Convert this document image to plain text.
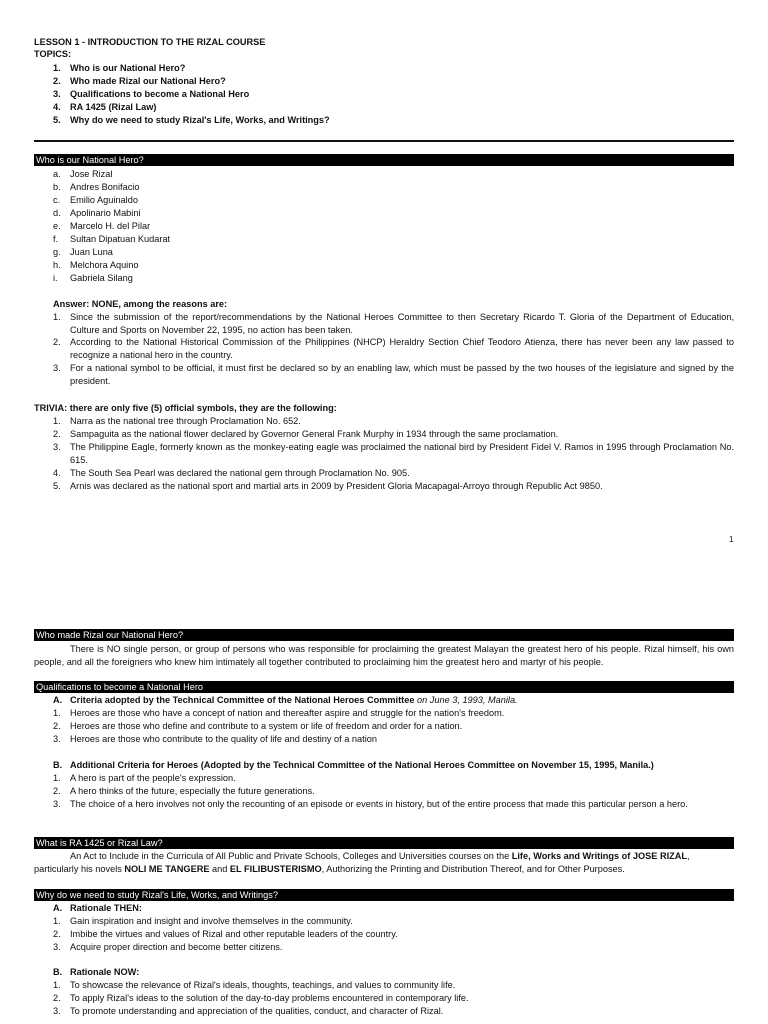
LESSON 1 - INTRODUCTION TO THE RIZAL COURSE
TOPICS:
1. Who is our National Hero?
2. Who made Rizal our National Hero?
3. Qualifications to become a National Hero
4. RA 1425 (Rizal Law)
5. Why do we need to study Rizal's Life, Works, and Writings?
Who is our National Hero?
a. Jose Rizal
b. Andres Bonifacio
c. Emilio Aguinaldo
d. Apolinario Mabini
e. Marcelo H. del Pilar
f. Sultan Dipatuan Kudarat
g. Juan Luna
h. Melchora Aquino
i. Gabriela Silang
Answer: NONE, among the reasons are:
1. Since the submission of the report/recommendations by the National Heroes Committee to then Secretary Ricardo T. Gloria of the Department of Education, Culture and Sports on November 22, 1995, no action has been taken.
2. According to the National Historical Commission of the Philippines (NHCP) Heraldry Section Chief Teodoro Atienza, there has never been any law passed to recognize a national hero in the country.
3. For a national symbol to be official, it must first be declared so by an enabling law, which must be passed by the two houses of the legislature and signed by the president.
TRIVIA: there are only five (5) official symbols, they are the following:
1. Narra as the national tree through Proclamation No. 652.
2. Sampaguita as the national flower declared by Governor General Frank Murphy in 1934 through the same proclamation.
3. The Philippine Eagle, formerly known as the monkey-eating eagle was proclaimed the national bird by President Fidel V. Ramos in 1995 through Proclamation No. 615.
4. The South Sea Pearl was declared the national gem through Proclamation No. 905.
5. Arnis was declared as the national sport and martial arts in 2009 by President Gloria Macapagal-Arroyo through Republic Act 9850.
1
Who made Rizal our National Hero?
There is NO single person, or group of persons who was responsible for proclaiming the greatest Malayan the greatest hero of his people. Rizal himself, his own people, and all the foreigners who knew him intimately all together contributed to proclaiming him the greatest hero and martyr of his people.
Qualifications to become a National Hero
A. Criteria adopted by the Technical Committee of the National Heroes Committee on June 3, 1993, Manila.
1. Heroes are those who have a concept of nation and thereafter aspire and struggle for the nation's freedom.
2. Heroes are those who define and contribute to a system or life of freedom and order for a nation.
3. Heroes are those who contribute to the quality of life and destiny of a nation
B. Additional Criteria for Heroes (Adopted by the Technical Committee of the National Heroes Committee on November 15, 1995, Manila.)
1. A hero is part of the people's expression.
2. A hero thinks of the future, especially the future generations.
3. The choice of a hero involves not only the recounting of an episode or events in history, but of the entire process that made this particular person a hero.
What is RA 1425 or Rizal Law?
An Act to Include in the Curricula of All Public and Private Schools, Colleges and Universities courses on the Life, Works and Writings of JOSE RIZAL,
particularly his novels NOLI ME TANGERE and EL FILIBUSTERISMO, Authorizing the Printing and Distribution Thereof, and for Other Purposes.
Why do we need to study Rizal's Life, Works, and Writings?
A. Rationale THEN:
1. Gain inspiration and insight and involve themselves in the community.
2. Imbibe the virtues and values of Rizal and other reputable leaders of the country.
3. Acquire proper direction and become better citizens.
B. Rationale NOW:
1. To showcase the relevance of Rizal's ideals, thoughts, teachings, and values to community life.
2. To apply Rizal's ideas to the solution of the day-to-day problems encountered in contemporary life.
3. To promote understanding and appreciation of the qualities, conduct, and character of Rizal.
